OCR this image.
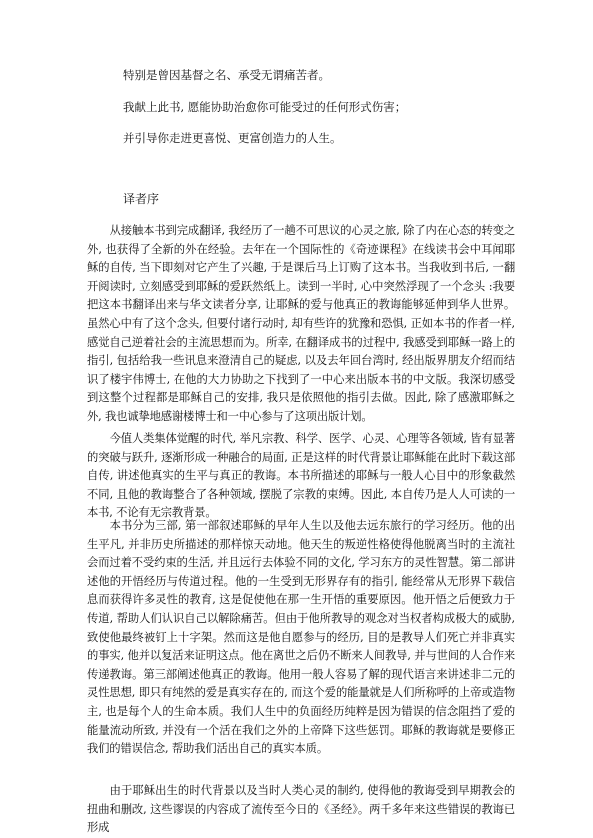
特别是曾因基督之名、承受无谓痛苦者。
我献上此书, 愿能协助治愈你可能受过的任何形式伤害；
并引导你走进更喜悦、更富创造力的人生。
译者序
从接触本书到完成翻译, 我经历了一趟不可思议的心灵之旅, 除了内在心态的转变之外, 也获得了全新的外在经验。去年在一个国际性的《奇迹课程》在线读书会中耳闻耶稣的自传, 当下即刻对它产生了兴趣, 于是课后马上订购了这本书。当我收到书后, 一翻开阅读时, 立刻感受到耶稣的爱跃然纸上。读到一半时, 心中突然浮现了一个念头 :我要把这本书翻译出来与华文读者分享, 让耶稣的爱与他真正的教诲能够延伸到华人世界。虽然心中有了这个念头, 但要付诸行动时, 却有些许的犹豫和恐惧, 正如本书的作者一样, 感觉自己逆着社会的主流思想而为。所幸, 在翻译成书的过程中, 我感受到耶稣一路上的指引, 包括给我一些讯息来澄清自己的疑虑, 以及去年回台湾时, 经出版界朋友介绍而结识了楼宇伟博士, 在他的大力协助之下找到了一中心来出版本书的中文版。我深切感受到这整个过程都是耶稣自己的安排, 我只是依照他的指引去做。因此, 除了感激耶稣之外, 我也诚挚地感谢楼博士和一中心参与了这项出版计划。
今值人类集体觉醒的时代, 举凡宗教、科学、医学、心灵、心理等各领域, 皆有显著的突破与跃升, 逐渐形成一种融合的局面, 正是这样的时代背景让耶稣能在此时下载这部自传, 讲述他真实的生平与真正的教诲。本书所描述的耶稣与一般人心目中的形象截然不同, 且他的教诲整合了各种领域, 摆脱了宗教的束缚。因此, 本自传乃是人人可读的一本书, 不论有无宗教背景。
本书分为三部, 第一部叙述耶稣的早年人生以及他去远东旅行的学习经历。他的出生平凡, 并非历史所描述的那样惊天动地。他天生的叛逆性格使得他脱离当时的主流社会而过着不受约束的生活, 并且远行去体验不同的文化, 学习东方的灵性智慧。第二部讲述他的开悟经历与传道过程。他的一生受到无形界存有的指引, 能经常从无形界下载信息而获得许多灵性的教育, 这是促使他在那一生开悟的重要原因。他开悟之后便致力于传道, 帮助人们认识自己以解除痛苦。但由于他所教导的观念对当权者构成极大的威胁, 致使他最终被钉上十字架。然而这是他自愿参与的经历, 目的是教导人们死亡并非真实的事实, 他并以复活来证明这点。他在离世之后仍不断来人间教导, 并与世间的人合作来传递教诲。第三部阐述他真正的教诲。他用一般人容易了解的现代语言来讲述非二元的灵性思想, 即只有纯然的爱是真实存在的, 而这个爱的能量就是人们所称呼的上帝或造物主, 也是每个人的生命本质。我们人生中的负面经历纯粹是因为错误的信念阻挡了爱的能量流动所致, 并没有一个活在我们之外的上帝降下这些惩罚。耶稣的教诲就是要修正我们的错误信念, 帮助我们活出自己的真实本质。
由于耶稣出生的时代背景以及当时人类心灵的制约, 使得他的教诲受到早期教会的扭曲和删改, 这些谬误的内容成了流传至今日的《圣经》。两千多年来这些错误的教诲已形成
